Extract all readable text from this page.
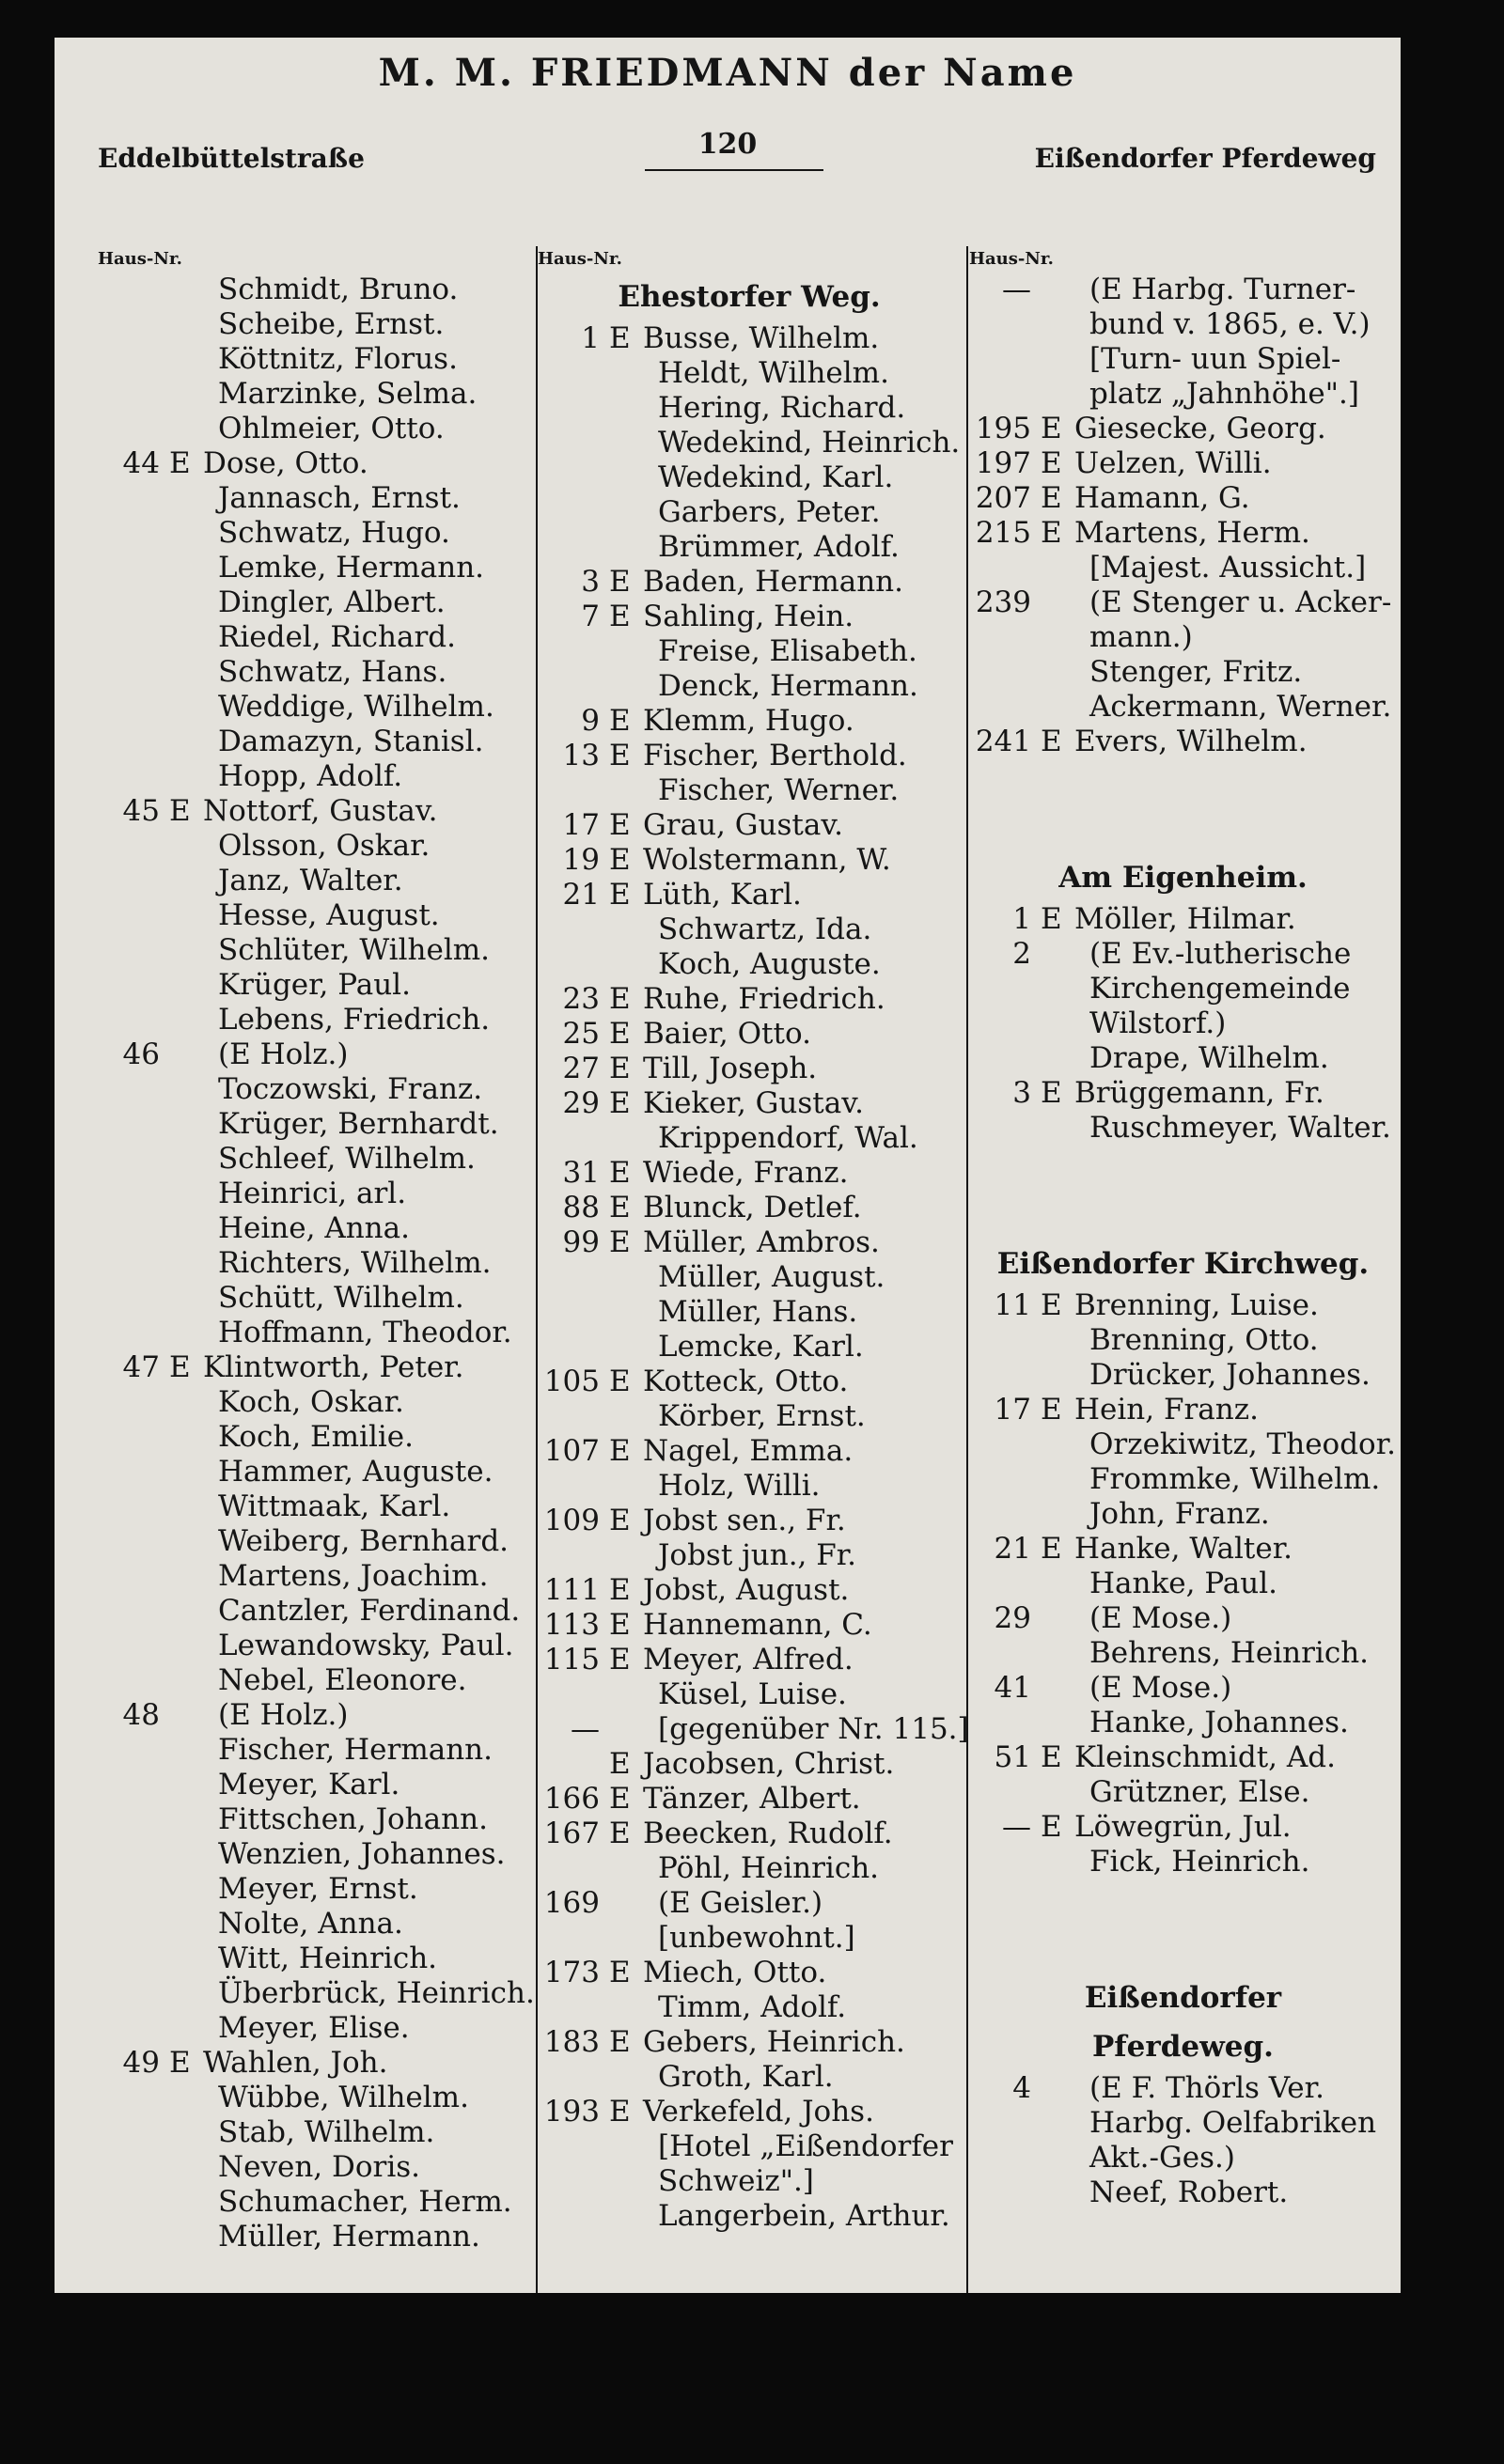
M. M. FRIEDMANN der Name
Eddelbüttelstraße	120	Eißendorfer Pferdeweg
Haus-Nr.
Schmidt, Bruno.
Scheibe, Ernst.
Köttnitz, Florus.
Marzinke, Selma.
Ohlmeier, Otto.
44 E Dose, Otto.
Jannasch, Ernst.
Schwatz, Hugo.
Lemke, Hermann.
Dingler, Albert.
Riedel, Richard.
Schwatz, Hans.
Weddige, Wilhelm.
Damazyn, Stanisl.
Hopp, Adolf.
45 E Nottorf, Gustav.
Olsson, Oskar.
Janz, Walter.
Hesse, August.
Schlüter, Wilhelm.
Krüger, Paul.
Lebens, Friedrich.
46 (E Holz.)
Toczowski, Franz.
Krüger, Bernhardt.
Schleef, Wilhelm.
Heinrici, arl.
Heine, Anna.
Richters, Wilhelm.
Schütt, Wilhelm.
Hoffmann, Theodor.
47 E Klintworth, Peter.
Koch, Oskar.
Koch, Emilie.
Hammer, Auguste.
Wittmaak, Karl.
Weiberg, Bernhard.
Martens, Joachim.
Cantzler, Ferdinand.
Lewandowsky, Paul.
Nebel, Eleonore.
48 (E Holz.)
Fischer, Hermann.
Meyer, Karl.
Fittschen, Johann.
Wenzien, Johannes.
Meyer, Ernst.
Nolte, Anna.
Witt, Heinrich.
Überbrück, Heinrich.
Meyer, Elise.
49 E Wahlen, Joh.
Wübbe, Wilhelm.
Stab, Wilhelm.
Neven, Doris.
Schumacher, Herm.
Müller, Hermann.
Haus-Nr.
Ehestorfer Weg.
1 E Busse, Wilhelm.
Heldt, Wilhelm.
Hering, Richard.
Wedekind, Heinrich.
Wedekind, Karl.
Garbers, Peter.
Brümmer, Adolf.
3 E Baden, Hermann.
7 E Sahling, Hein.
Freise, Elisabeth.
Denck, Hermann.
9 E Klemm, Hugo.
13 E Fischer, Berthold.
Fischer, Werner.
17 E Grau, Gustav.
19 E Wolstermann, W.
21 E Lüth, Karl.
Schwartz, Ida.
Koch, Auguste.
23 E Ruhe, Friedrich.
25 E Baier, Otto.
27 E Till, Joseph.
29 E Kieker, Gustav.
Krippendorf, Wal.
31 E Wiede, Franz.
88 E Blunck, Detlef.
99 E Müller, Ambros.
Müller, August.
Müller, Hans.
Lemcke, Karl.
105 E Kotteck, Otto.
Körber, Ernst.
107 E Nagel, Emma.
Holz, Willi.
109 E Jobst sen., Fr.
Jobst jun., Fr.
111 E Jobst, August.
113 E Hannemann, C.
115 E Meyer, Alfred.
Küsel, Luise.
— [gegenüber Nr. 115.]
E Jacobsen, Christ.
166 E Tänzer, Albert.
167 E Beecken, Rudolf.
Pöhl, Heinrich.
169 (E Geisler.)
[unbewohnt.]
173 E Miech, Otto.
Timm, Adolf.
183 E Gebers, Heinrich.
Groth, Karl.
193 E Verkefeld, Johs.
[Hotel „Eißendorfer
Schweiz".]
Langerbein, Arthur.
Haus-Nr.
— (E Harbg. Turner-
bund v. 1865, e. V.)
[Turn- uun Spiel-
platz „Jahnhöhe".]
195 E Giesecke, Georg.
197 E Uelzen, Willi.
207 E Hamann, G.
215 E Martens, Herm.
[Majest. Aussicht.]
239 (E Stenger u. Acker-
mann.)
Stenger, Fritz.
Ackermann, Werner.
241 E Evers, Wilhelm.
Am Eigenheim.
1 E Möller, Hilmar.
2 (E Ev.-lutherische
Kirchengemeinde
Wilstorf.)
Drape, Wilhelm.
3 E Brüggemann, Fr.
Ruschmeyer, Walter.
Eißendorfer Kirchweg.
11 E Brenning, Luise.
Brenning, Otto.
Drücker, Johannes.
17 E Hein, Franz.
Orzekiwitz, Theodor.
Frommke, Wilhelm.
John, Franz.
21 E Hanke, Walter.
Hanke, Paul.
29 (E Mose.)
Behrens, Heinrich.
41 (E Mose.)
Hanke, Johannes.
51 E Kleinschmidt, Ad.
Grützner, Else.
— E Löwegrün, Jul.
Fick, Heinrich.
Eißendorfer
Pferdeweg.
4 (E F. Thörls Ver.
Harbg. Oelfabriken
Akt.-Ges.)
Neef, Robert.
